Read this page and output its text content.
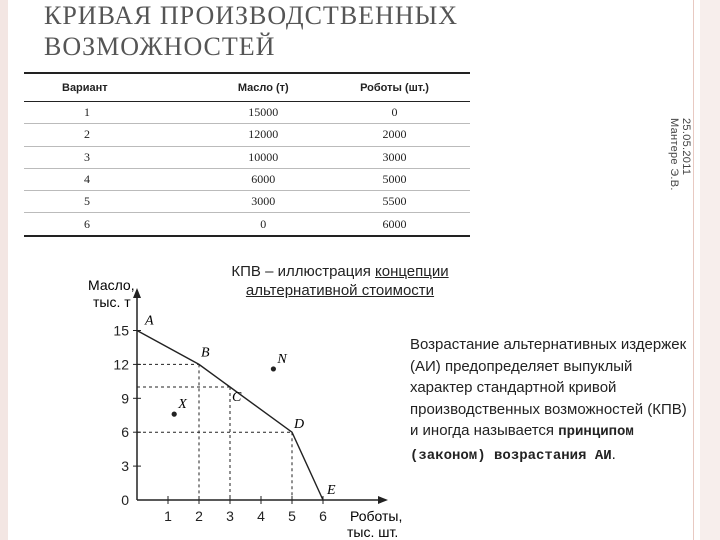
КРИВАЯ ПРОИЗВОДСТВЕННЫХ
ВОЗМОЖНОСТЕЙ
25.05.2011
Мантере Э.В.
Вариант	Масло (т)	Роботы (шт.)
1	15000	0
2	12000	2000
3	10000	3000
4	6000	5000
5	3000	5500
6	0	6000
Масло,
тыс. т
Роботы,
тыс. шт.
1 2 3 4 5 6
0
3
6
9
12
15
A
B
C
D
E
N
X
КПВ – иллюстрация концепции
альтернативной стоимости
Возрастание альтернативных издержек (АИ) предопределяет выпуклый характер стандартной кривой производственных возможностей (КПВ) и иногда называется принципом (законом) возрастания АИ.
